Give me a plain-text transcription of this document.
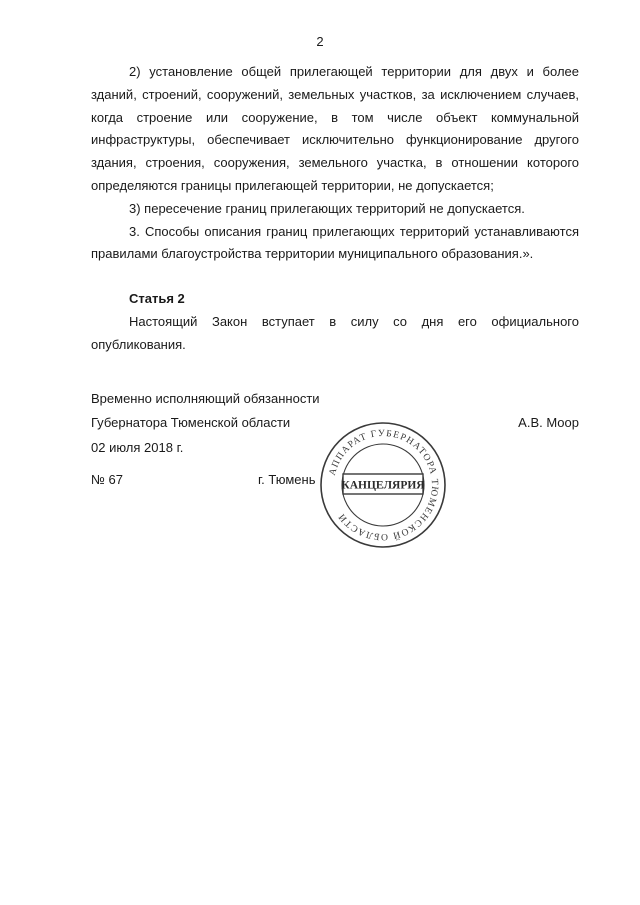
2

2) установление общей прилегающей территории для двух и более зданий, строений, сооружений, земельных участков, за исключением случаев, когда строение или сооружение, в том числе объект коммунальной инфраструктуры, обеспечивает исключительно функционирование другого здания, строения, сооружения, земельного участка, в отношении которого определяются границы прилегающей территории, не допускается;

3) пересечение границ прилегающих территорий не допускается.

3. Способы описания границ прилегающих территорий устанавливаются правилами благоустройства территории муниципального образования.».

Статья 2

Настоящий Закон вступает в силу со дня его официального опубликования.

Временно исполняющий обязанности
Губернатора Тюменской области	А.В. Моор
02 июля 2018 г.
№ 67	г. Тюмень
АППАРАТ ГУБЕРНАТОРА ТЮМЕНСКОЙ ОБЛАСТИ
КАНЦЕЛЯРИЯ
